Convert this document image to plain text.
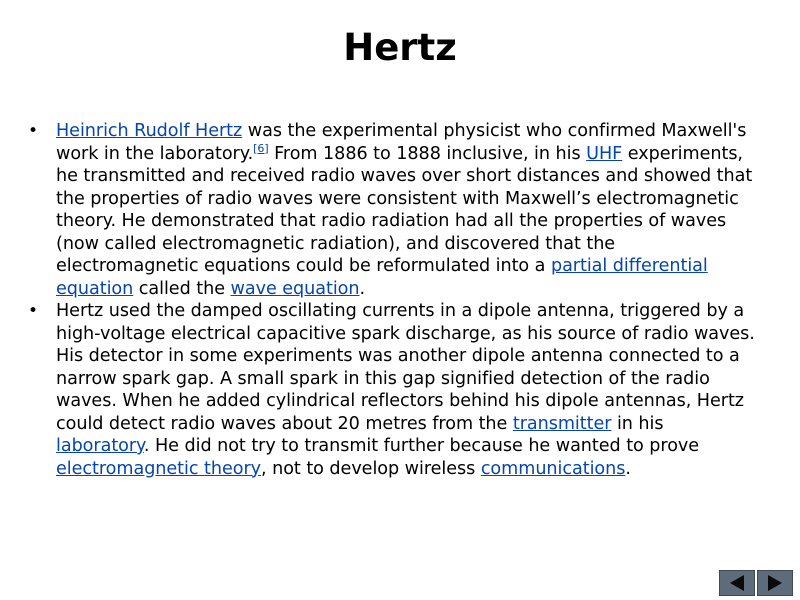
Hertz
• Heinrich Rudolf Hertz was the experimental physicist who confirmed Maxwell's work in the laboratory.[6] From 1886 to 1888 inclusive, in his UHF experiments, he transmitted and received radio waves over short distances and showed that the properties of radio waves were consistent with Maxwell’s electromagnetic theory. He demonstrated that radio radiation had all the properties of waves (now called electromagnetic radiation), and discovered that the electromagnetic equations could be reformulated into a partial differential equation called the wave equation.
• Hertz used the damped oscillating currents in a dipole antenna, triggered by a high-voltage electrical capacitive spark discharge, as his source of radio waves. His detector in some experiments was another dipole antenna connected to a narrow spark gap. A small spark in this gap signified detection of the radio waves. When he added cylindrical reflectors behind his dipole antennas, Hertz could detect radio waves about 20 metres from the transmitter in his laboratory. He did not try to transmit further because he wanted to prove electromagnetic theory, not to develop wireless communications.
